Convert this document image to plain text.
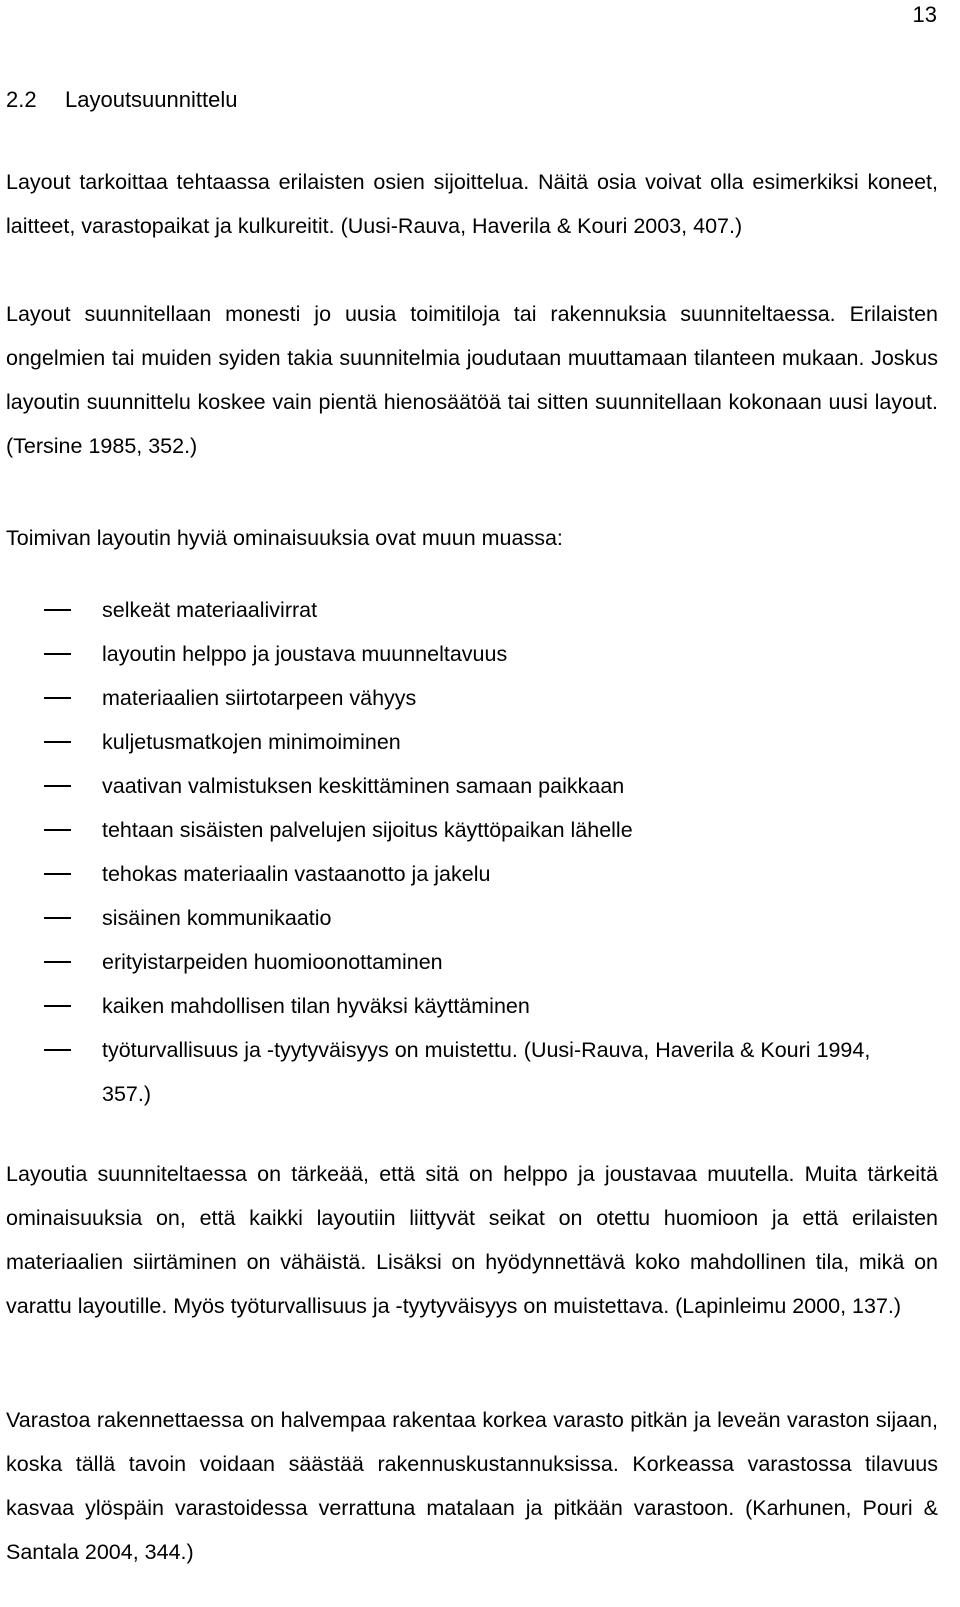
13
2.2 Layoutsuunnittelu

Layout tarkoittaa tehtaassa erilaisten osien sijoittelua. Näitä osia voivat olla esimerkiksi koneet, laitteet, varastopaikat ja kulkureitit. (Uusi-Rauva, Haverila & Kouri 2003, 407.)

Layout suunnitellaan monesti jo uusia toimitiloja tai rakennuksia suunniteltaessa. Erilaisten ongelmien tai muiden syiden takia suunnitelmia joudutaan muuttamaan tilanteen mukaan. Joskus layoutin suunnittelu koskee vain pientä hienosäätöä tai sitten suunnitellaan kokonaan uusi layout. (Tersine 1985, 352.)

Toimivan layoutin hyviä ominaisuuksia ovat muun muassa:

selkeät materiaalivirrat
layoutin helppo ja joustava muunneltavuus
materiaalien siirtotarpeen vähyys
kuljetusmatkojen minimoiminen
vaativan valmistuksen keskittäminen samaan paikkaan
tehtaan sisäisten palvelujen sijoitus käyttöpaikan lähelle
tehokas materiaalin vastaanotto ja jakelu
sisäinen kommunikaatio
erityistarpeiden huomioonottaminen
kaiken mahdollisen tilan hyväksi käyttäminen
työturvallisuus ja -tyytyväisyys on muistettu. (Uusi-Rauva, Haverila & Kouri 1994, 357.)

Layoutia suunniteltaessa on tärkeää, että sitä on helppo ja joustavaa muutella. Muita tärkeitä ominaisuuksia on, että kaikki layoutiin liittyvät seikat on otettu huomioon ja että erilaisten materiaalien siirtäminen on vähäistä. Lisäksi on hyödynnettävä koko mahdollinen tila, mikä on varattu layoutille. Myös työturvallisuus ja -tyytyväisyys on muistettava. (Lapinleimu 2000, 137.)

Varastoa rakennettaessa on halvempaa rakentaa korkea varasto pitkän ja leveän varaston sijaan, koska tällä tavoin voidaan säästää rakennuskustannuksissa. Korkeassa varastossa tilavuus kasvaa ylöspäin varastoidessa verrattuna matalaan ja pitkään varastoon. (Karhunen, Pouri & Santala 2004, 344.)
